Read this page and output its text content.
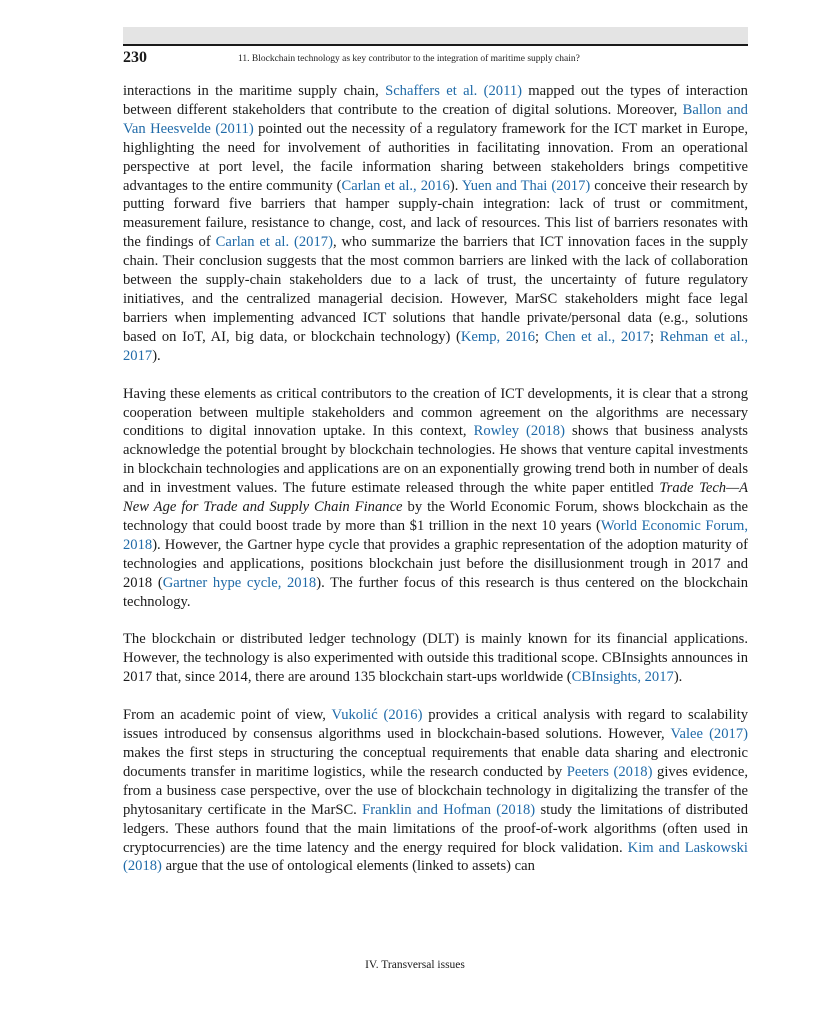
230	11. Blockchain technology as key contributor to the integration of maritime supply chain?

interactions in the maritime supply chain, Schaffers et al. (2011) mapped out the types of interaction between different stakeholders that contribute to the creation of digital solutions. Moreover, Ballon and Van Heesvelde (2011) pointed out the necessity of a regulatory framework for the ICT market in Europe, highlighting the need for involvement of authorities in facilitating innovation. From an operational perspective at port level, the facile information sharing between stakeholders brings competitive advantages to the entire community (Carlan et al., 2016). Yuen and Thai (2017) conceive their research by putting forward five barriers that hamper supply-chain integration: lack of trust or commitment, measurement failure, resistance to change, cost, and lack of resources. This list of barriers resonates with the findings of Carlan et al. (2017), who summarize the barriers that ICT innovation faces in the supply chain. Their conclusion suggests that the most common barriers are linked with the lack of collaboration between the supply-chain stakeholders due to a lack of trust, the uncertainty of future regulatory initiatives, and the centralized managerial decision. However, MarSC stakeholders might face legal barriers when implementing advanced ICT solutions that handle private/personal data (e.g., solutions based on IoT, AI, big data, or blockchain technology) (Kemp, 2016; Chen et al., 2017; Rehman et al., 2017).

Having these elements as critical contributors to the creation of ICT developments, it is clear that a strong cooperation between multiple stakeholders and common agreement on the algorithms are necessary conditions to digital innovation uptake. In this context, Rowley (2018) shows that business analysts acknowledge the potential brought by blockchain technologies. He shows that venture capital investments in blockchain technologies and applications are on an exponentially growing trend both in number of deals and in investment values. The future estimate released through the white paper entitled Trade Tech—A New Age for Trade and Supply Chain Finance by the World Economic Forum, shows blockchain as the technology that could boost trade by more than $1 trillion in the next 10 years (World Economic Forum, 2018). However, the Gartner hype cycle that provides a graphic representation of the adoption maturity of technologies and applications, positions blockchain just before the disillusionment trough in 2017 and 2018 (Gartner hype cycle, 2018). The further focus of this research is thus centered on the blockchain technology.

The blockchain or distributed ledger technology (DLT) is mainly known for its financial applications. However, the technology is also experimented with outside this traditional scope. CBInsights announces in 2017 that, since 2014, there are around 135 blockchain start-ups worldwide (CBInsights, 2017).

From an academic point of view, Vukolić (2016) provides a critical analysis with regard to scalability issues introduced by consensus algorithms used in blockchain-based solutions. However, Valee (2017) makes the first steps in structuring the conceptual requirements that enable data sharing and electronic documents transfer in maritime logistics, while the research conducted by Peeters (2018) gives evidence, from a business case perspective, over the use of blockchain technology in digitalizing the transfer of the phytosanitary certificate in the MarSC. Franklin and Hofman (2018) study the limitations of distributed ledgers. These authors found that the main limitations of the proof-of-work algorithms (often used in cryptocurrencies) are the time latency and the energy required for block validation. Kim and Laskowski (2018) argue that the use of ontological elements (linked to assets) can

IV. Transversal issues
